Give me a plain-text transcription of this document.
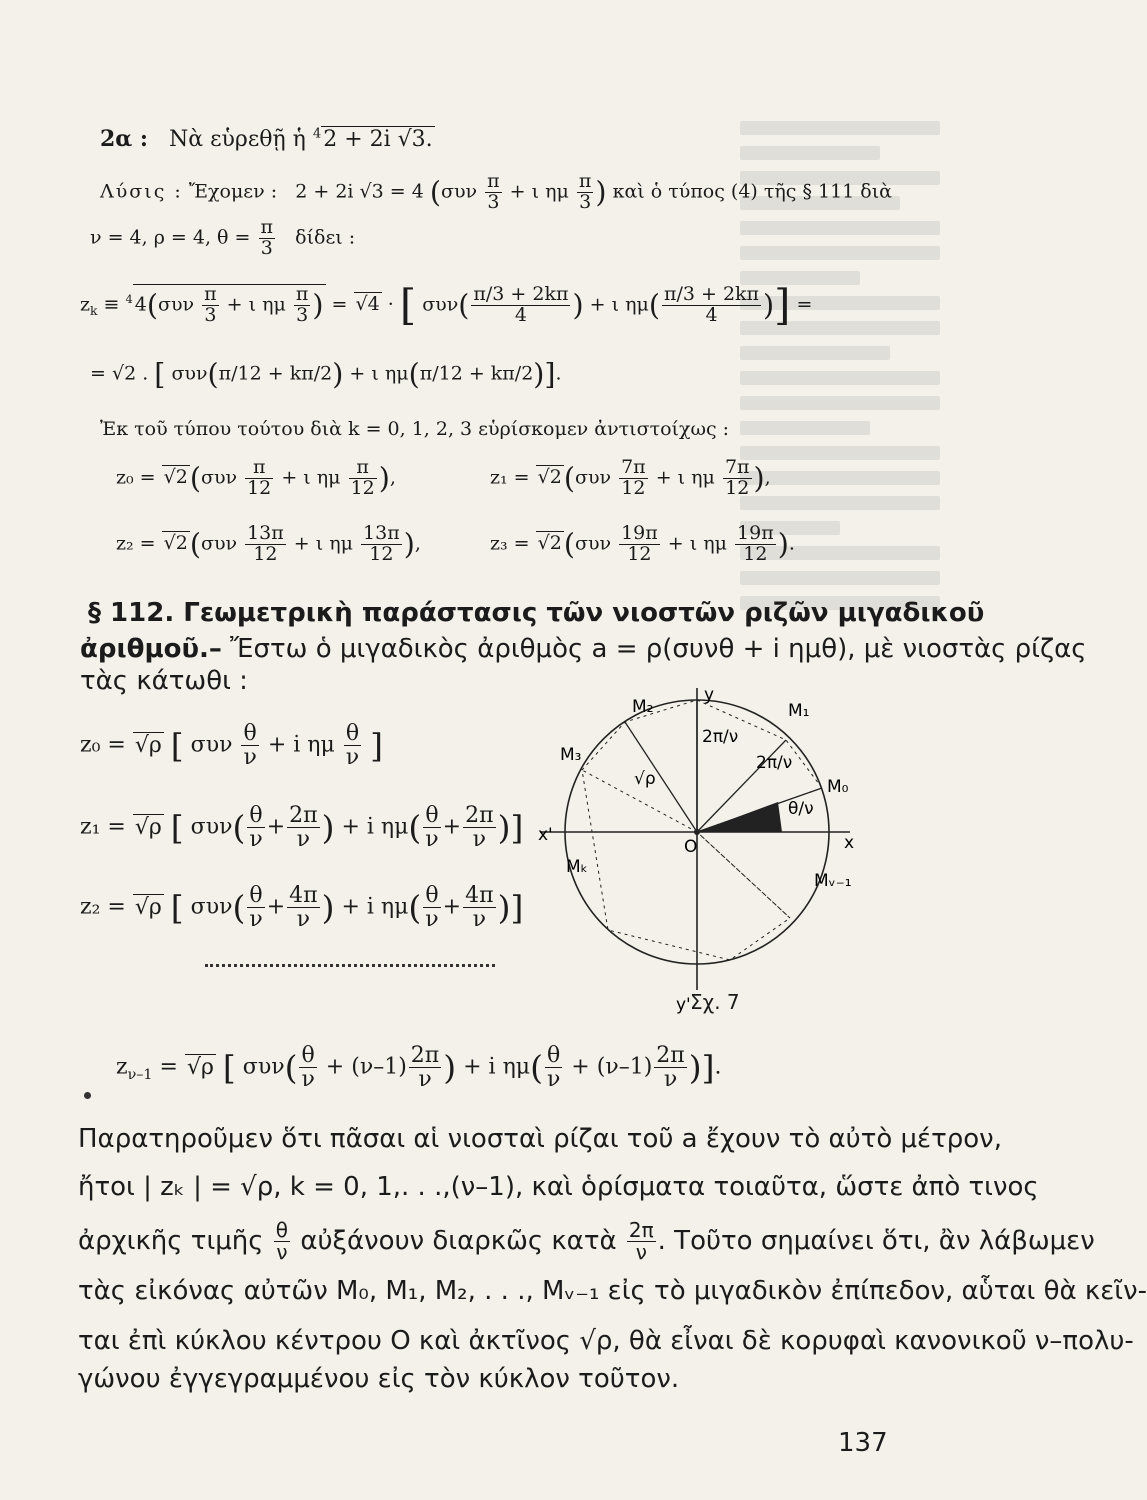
2α : Νὰ εὑρεθῇ ἡ $^4$2 + 2i √3.
Λύσις : Ἔχομεν : 2 + 2i √3 = 4 ($\sigma\upsilon\nu \frac{\pi}{3} + \iota$ ημ $\frac{\pi}{3}$ ) καὶ ὁ τύπος (4) τῆς § 111 διὰ
ν = 4, ρ = 4, $\theta = \frac{\pi}{3}$ δίδει :
$z_k \equiv ^4$ $4(\sigma\upsilon\nu \frac{\pi}{3} + \iota$ ημ $\frac{\pi}{3}$ ) = √4 · [ $\sigma\upsilon\nu( \frac{\pi/3 + 2k\pi}{4}$ ) + ι $\eta\mu( \frac{\pi/3 + 2k\pi}{4}$ )] =
= √2 . [ συν(π/12 + kπ/2) + ι ημ(π/12 + kπ/2)].
Ἐκ τοῦ τύπου τούτου διὰ k = 0, 1, 2, 3 εὑρίσκομεν ἀντιστοίχως :
$z_0 = √2(\sigma\upsilon\nu \frac{\pi}{12} + \iota$ ημ $\frac{\pi}{12}$ ),	$z_1 = √2(\sigma\upsilon\nu \frac{7\pi}{12} + \iota$ ημ $\frac{7\pi}{12}$ ),
$z_2 = √2(\sigma\upsilon\nu \frac{13\pi}{12} + \iota$ ημ $\frac{13\pi}{12}$ ),	$z_3 = √2(\sigma\upsilon\nu \frac{19\pi}{12} + \iota$ ημ $\frac{19\pi}{12}$ ).
§ 112. Γεωμετρικὴ παράστασις τῶν νιοστῶν ριζῶν μιγαδικοῦ
ἀριθμοῦ.– Ἔστω ὁ μιγαδικὸς ἀριθμὸς a = ρ(συνθ + i ημθ), μὲ νιοστὰς ρίζας
τὰς κάτωθι :
z₀ = √ρ [ συν $\frac{\theta}{\nu} + i$ ημ $\frac{\theta}{\nu}$ ]
z₁ = √ρ [ $\sigma\upsilon\nu( \frac{\theta}{\nu} + \frac{2\pi}{\nu}$ ) + i $\eta\mu( \frac{\theta}{\nu} + \frac{2\pi}{\nu}$ )]
z₂ = √ρ [ $\sigma\upsilon\nu( \frac{\theta}{\nu} + \frac{4\pi}{\nu}$ ) + i $\eta\mu( \frac{\theta}{\nu} + \frac{4\pi}{\nu}$ )]
y
y'
x
x'
O
M₀
M₁
M₂
M₃
Mₖ
Mᵥ₋₁
√ρ
2π/ν
2π/ν
θ/ν
Σχ. 7
$z_{\nu-1} = √\rho$ [ $\sigma\upsilon\nu( \frac{\theta}{\nu} + (\nu-1) \frac{2\pi}{\nu}$ ) + i $\eta\mu( \frac{\theta}{\nu} + (\nu-1) \frac{2\pi}{\nu}$ )].
Παρατηροῦμεν ὅτι πᾶσαι αἱ νιοσταὶ ρίζαι τοῦ a ἔχουν τὸ αὐτὸ μέτρον,
ἤτοι | zₖ | = √ρ, k = 0, 1,. . .,(ν–1), καὶ ὁρίσματα τοιαῦτα, ὥστε ἀπὸ τινος
ἀρχικῆς τιμῆς $\frac{\theta}{\nu}$ αὐξάνουν διαρκῶς κατὰ $\frac{2\pi}{\nu}$ . Τοῦτο σημαίνει ὅτι, ἂν λάβωμεν
τὰς εἰκόνας αὐτῶν M₀, M₁, M₂, . . ., Mᵥ₋₁ εἰς τὸ μιγαδικὸν ἐπίπεδον, αὗται θὰ κεῖν-
ται ἐπὶ κύκλου κέντρου O καὶ ἀκτῖνος √ρ, θὰ εἶναι δὲ κορυφαὶ κανονικοῦ ν–πολυ-
γώνου ἐγγεγραμμένου εἰς τὸν κύκλον τοῦτον.
137
